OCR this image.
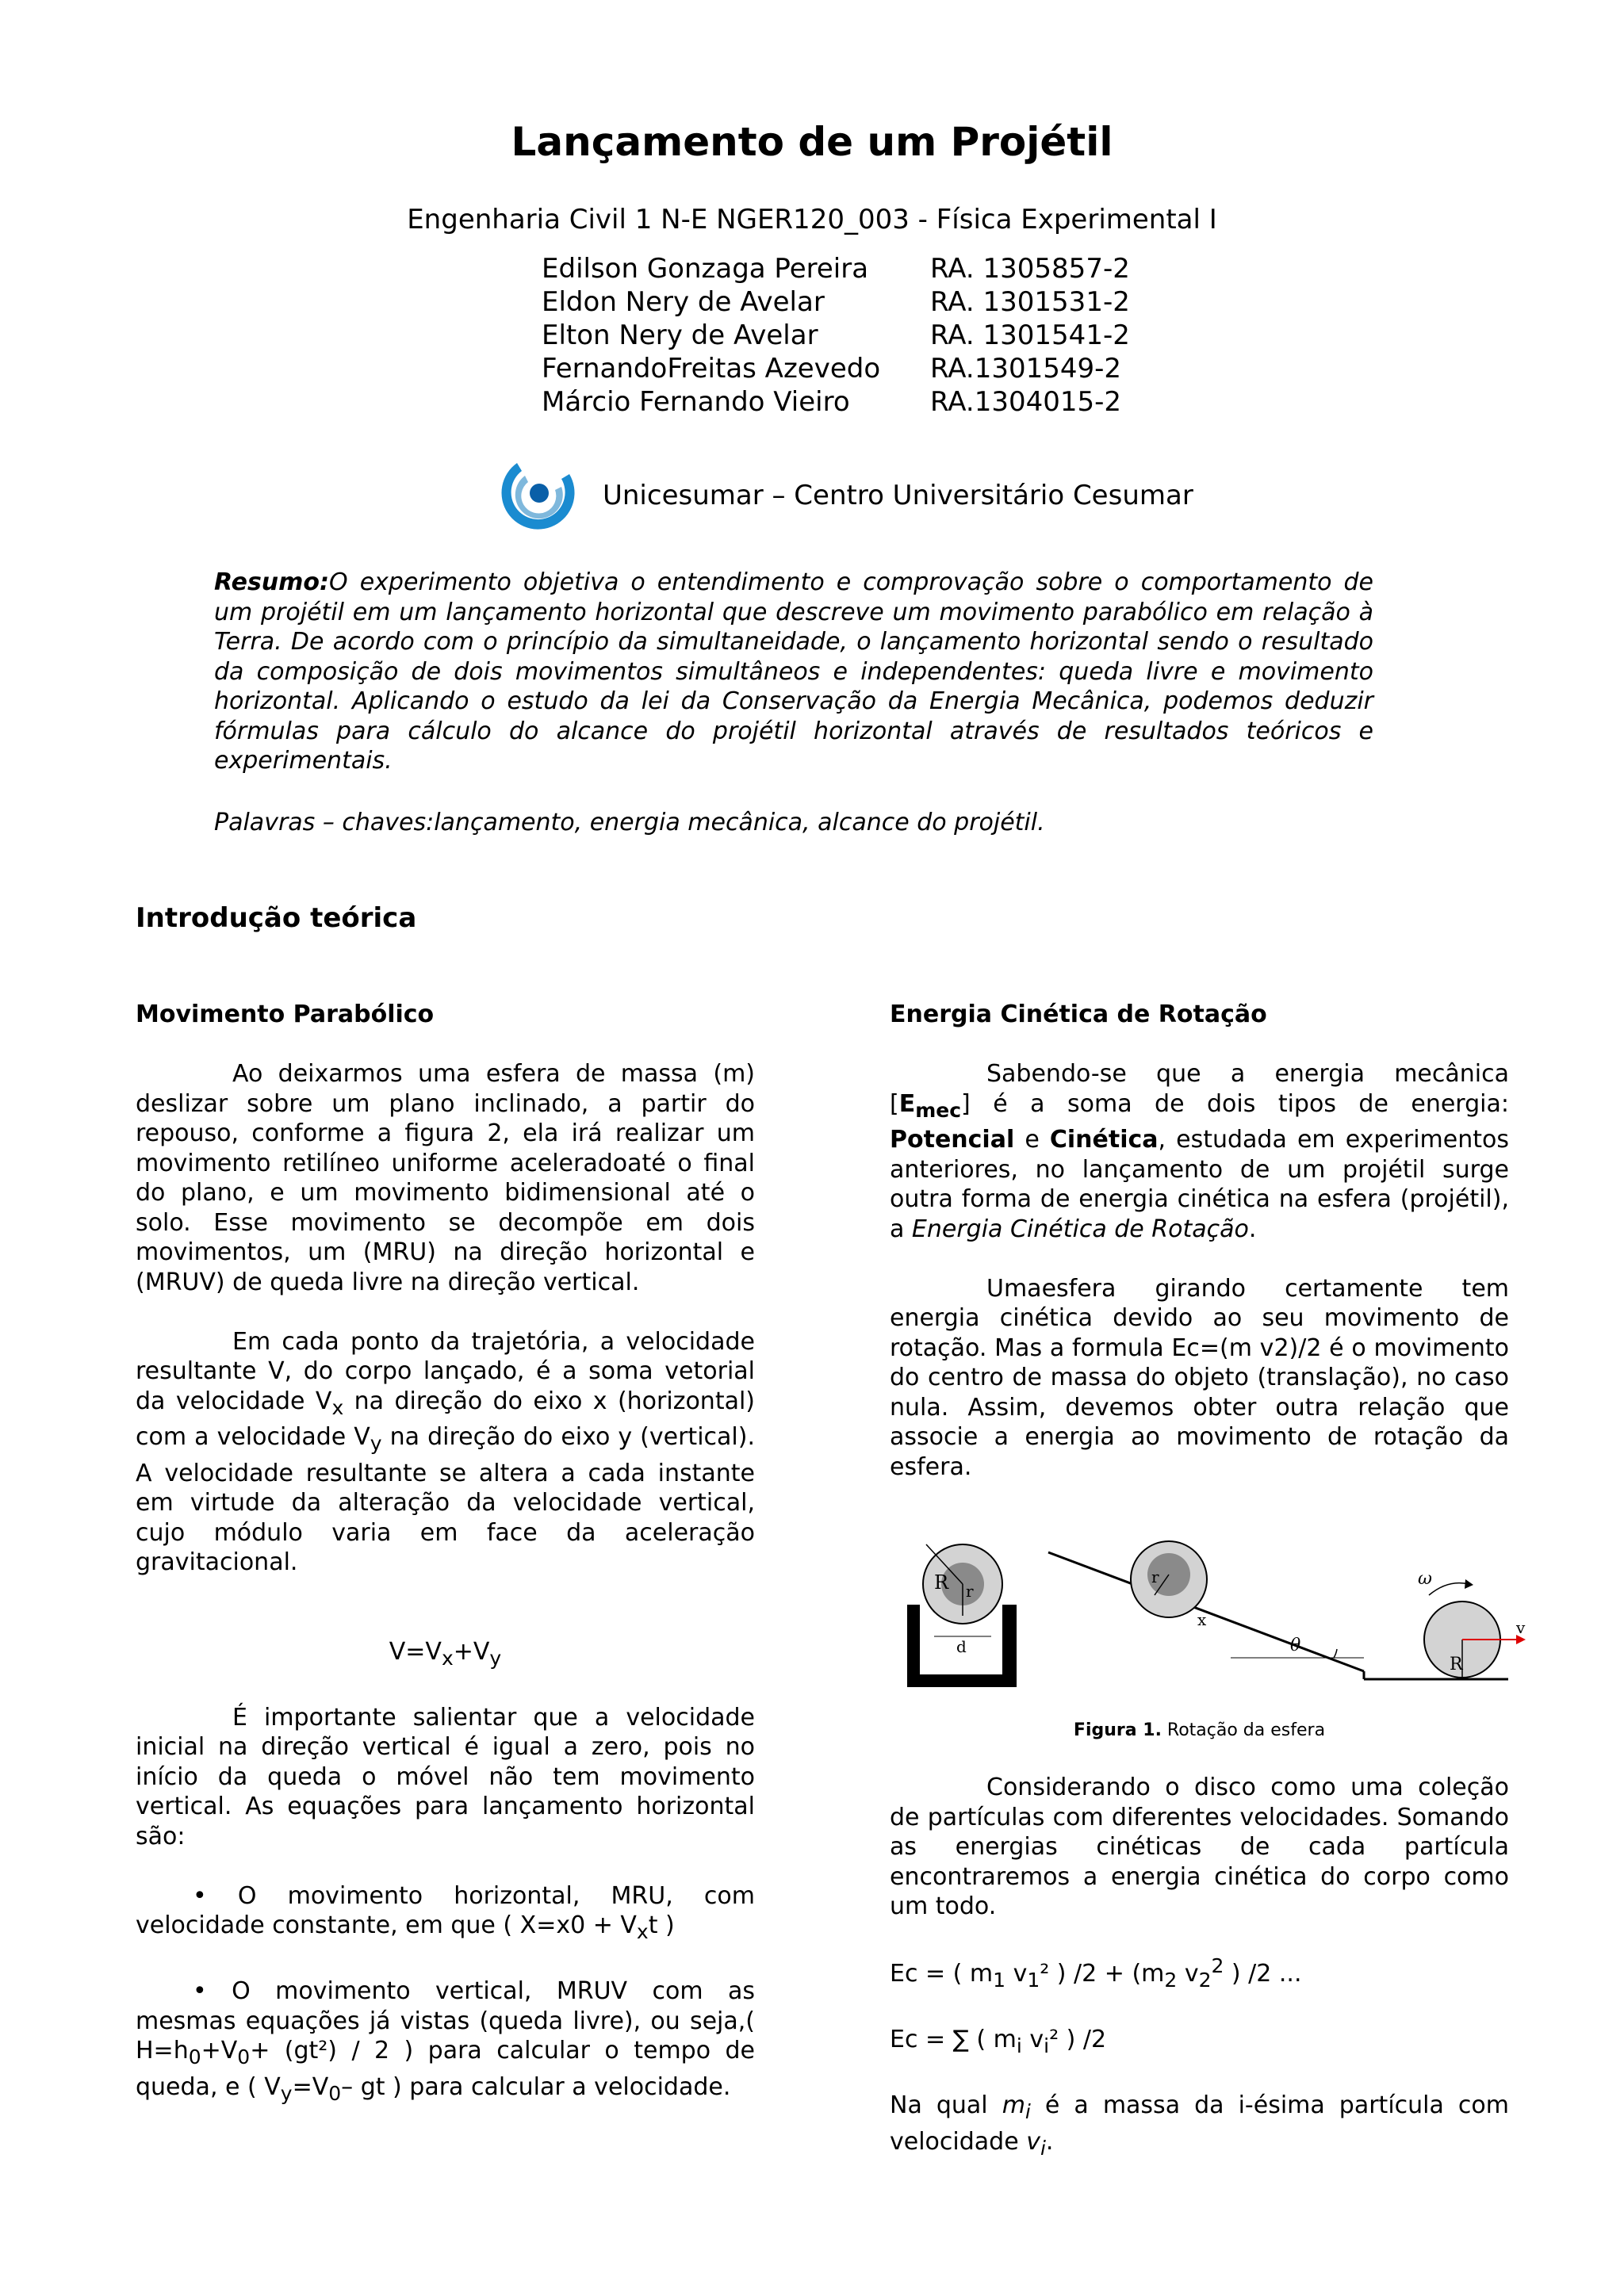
Lançamento de um Projétil
Engenharia Civil 1 N-E NGER120_003 - Física Experimental I
Edilson Gonzaga Pereira	RA. 1305857-2
Eldon Nery de Avelar	RA. 1301531-2
Elton Nery de Avelar	RA. 1301541-2
FernandoFreitas Azevedo	RA.1301549-2
Márcio Fernando Vieiro	RA.1304015-2
Unicesumar – Centro Universitário Cesumar
Resumo:O experimento objetiva o entendimento e comprovação sobre o comportamento de um projétil em um lançamento horizontal que descreve um movimento parabólico em relação à Terra. De acordo com o princípio da simultaneidade, o lançamento horizontal sendo o resultado da composição de dois movimentos simultâneos e independentes: queda livre e movimento horizontal. Aplicando o estudo da lei da Conservação da Energia Mecânica, podemos deduzir fórmulas para cálculo do alcance do projétil horizontal através de resultados teóricos e experimentais.
Palavras – chaves:lançamento, energia mecânica, alcance do projétil.
Introdução teórica
Movimento Parabólico

Ao deixarmos uma esfera de massa (m) deslizar sobre um plano inclinado, a partir do repouso, conforme a figura 2, ela irá realizar um movimento retilíneo uniforme aceleradoaté o final do plano, e um movimento bidimensional até o solo. Esse movimento se decompõe em dois movimentos, um (MRU) na direção horizontal e (MRUV) de queda livre na direção vertical.

Em cada ponto da trajetória, a velocidade resultante V, do corpo lançado, é a soma vetorial da velocidade $V_x$ na direção do eixo x (horizontal) com a velocidade $V_y$ na direção do eixo y (vertical). A velocidade resultante se altera a cada instante em virtude da alteração da velocidade vertical, cujo módulo varia em face da aceleração gravitacional.

$V=V_x+V_y$

É importante salientar que a velocidade inicial na direção vertical é igual a zero, pois no início da queda o móvel não tem movimento vertical. As equações para lançamento horizontal são:

• O movimento horizontal, MRU, com velocidade constante, em que ( $X=x0 + V_xt$ )

• O movimento vertical, MRUV com as mesmas equações já vistas (queda livre), ou seja,( $H=h_0+V_0+ (gt^2) / 2$ ) para calcular o tempo de queda, e ( $V_y=V_0-$ gt ) para calcular a velocidade.

Energia Cinética de Rotação

Sabendo-se que a energia mecânica $[E_{mec}]$ é a soma de dois tipos de energia: Potencial e Cinética, estudada em experimentos anteriores, no lançamento de um projétil surge outra forma de energia cinética na esfera (projétil), a Energia Cinética de Rotação.

Umaesfera girando certamente tem energia cinética devido ao seu movimento de rotação. Mas a formula Ec=(m v2)/2 é o movimento do centro de massa do objeto (translação), no caso nula. Assim, devemos obter outra relação que associe a energia ao movimento de rotação da esfera.

R r
d	θ
x
r
R
v
ω
Figura 1. Rotação da esfera

Considerando o disco como uma coleção de partículas com diferentes velocidades. Somando as energias cinéticas de cada partícula encontraremos a energia cinética do corpo como um todo.

Ec = ( $m_1$ $v_1^2$ ) $/2 + (m_2$ $v_2^2$ ) /2 ...

Ec = ∑ ( $m_i$ $v_i^2$ ) /2

Na qual $m_i$ é a massa da i-ésima partícula com velocidade $v_i$.
